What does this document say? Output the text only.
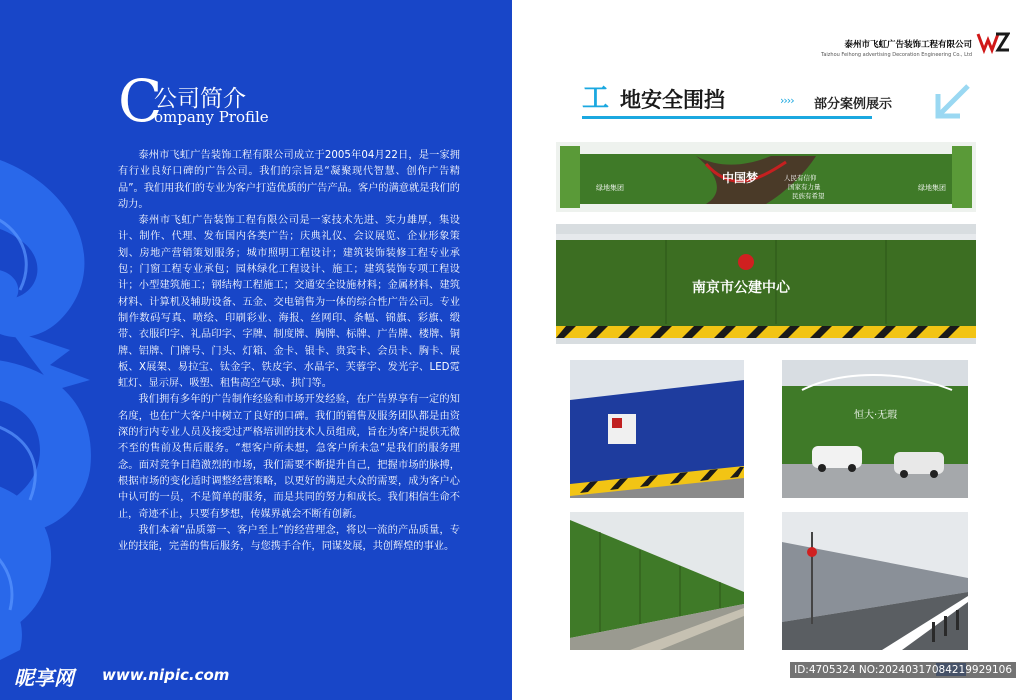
C
公司简介
ompany Profile

泰州市飞虹广告装饰工程有限公司成立于2005年04月22日，是一家拥有行业良好口碑的广告公司。我们的宗旨是“凝聚现代智慧、创作广告精品”。我们用我们的专业为客户打造优质的广告产品。客户的满意就是我们的动力。

泰州市飞虹广告装饰工程有限公司是一家技术先进、实力雄厚，集设计、制作、代理、发布国内各类广告；庆典礼仪、会议展览、企业形象策划、房地产营销策划服务；城市照明工程设计；建筑装饰装修工程专业承包；门窗工程专业承包；园林绿化工程设计、施工；建筑装饰专项工程设计；小型建筑施工；钢结构工程施工；交通安全设施材料；金属材料、建筑材料、计算机及辅助设备、五金、交电销售为一体的综合性广告公司。专业制作数码写真、喷绘、印刷彩业、海报、丝网印、条幅、锦旗、彩旗、缎带、衣服印字、礼品印字、字牌、制度牌、胸牌、标牌、广告牌、楼牌、铜牌、铝牌、门牌号、门头、灯箱、金卡、银卡、贵宾卡、会员卡、胸卡、展板、X展架、易拉宝、钛金字、铁皮字、水晶字、芙蓉字、发光字、LED霓虹灯、显示屏、吸塑、租售高空气球、拱门等。

我们拥有多年的广告制作经验和市场开发经验，在广告界享有一定的知名度，也在广大客户中树立了良好的口碑。我们的销售及服务团队都是由资深的行内专业人员及接受过严格培训的技术人员组成，旨在为客户提供无微不至的售前及售后服务。“想客户所未想，急客户所未急”是我们的服务理念。面对竞争日趋激烈的市场，我们需要不断提升自己，把握市场的脉搏，根据市场的变化适时调整经营策略，以更好的满足大众的需要，成为客户心中认可的一员，不是简单的服务，而是共同的努力和成长。我们相信生命不止，奇迹不止，只要有梦想，传媒界就会不断有创新。

我们本着“品质第一、客户至上”的经营理念，将以一流的产品质量，专业的技能，完善的售后服务，与您携手合作，同谋发展，共创辉煌的事业。

昵享网 www.nipic.com
泰州市飞虹广告装饰工程有限公司
Taizhou Feihong advertising Decoration Engineering Co., Ltd
工 地安全围挡	›››› 部分案例展示
绿地集团	绿地集团
中国梦	人民有信仰
国家有力量
民族有希望
南京市公建中心
恒大·无瑕
ID:4705324 NO:20240317084219929106
